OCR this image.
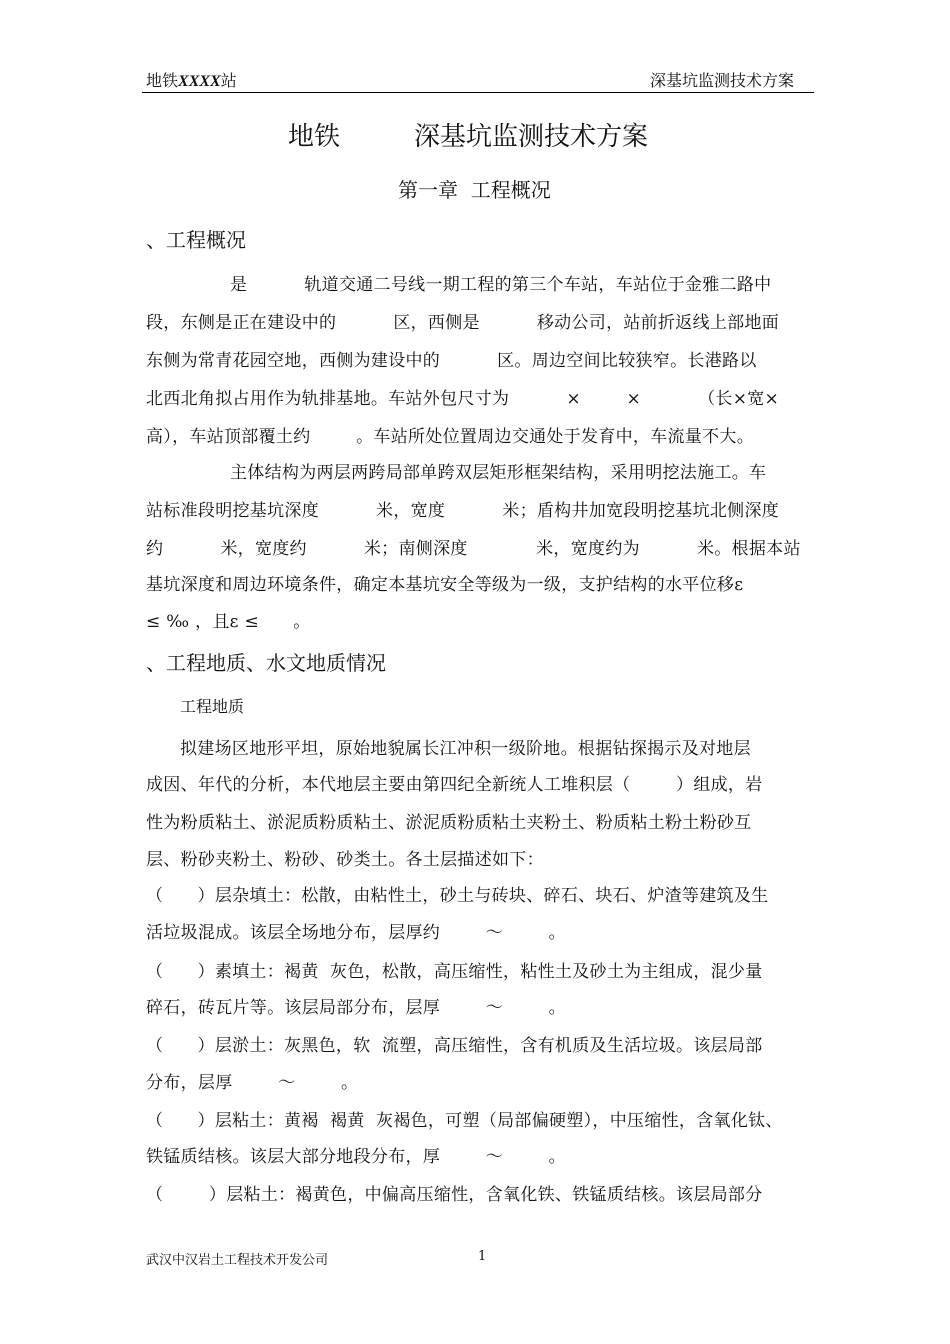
地铁XXXX站	深基坑监测技术方案
地铁	深基坑监测技术方案
第一章  工程概况
、工程概况
是          轨道交通二号线一期工程的第三个车站，车站位于金雅二路中
段，东侧是正在建设中的          区，西侧是          移动公司，站前折返线上部地面
东侧为常青花园空地，西侧为建设中的          区。周边空间比较狭窄。长港路以
北西北角拟占用作为轨排基地。车站外包尺寸为          ×        ×          （长×宽×
高），车站顶部覆土约        。车站所处位置周边交通处于发育中，车流量不大。
主体结构为两层两跨局部单跨双层矩形框架结构，采用明挖法施工。车
站标准段明挖基坑深度          米，宽度          米；盾构井加宽段明挖基坑北侧深度
约          米，宽度约          米；南侧深度            米，宽度约为          米。根据本站
基坑深度和周边环境条件，确定本基坑安全等级为一级，支护结构的水平位移ε
≤ ‰ ，且ε ≤      。
、工程地质、水文地质情况
工程地质
拟建场区地形平坦，原始地貌属长江冲积一级阶地。根据钻探揭示及对地层
成因、年代的分析，本代地层主要由第四纪全新统人工堆积层（        ）组成，岩
性为粉质粘土、淤泥质粉质粘土、淤泥质粉质粘土夹粉土、粉质粘土粉土粉砂互
层、粉砂夹粉土、粉砂、砂类土。各土层描述如下：
（      ）层杂填土：松散，由粘性土，砂土与砖块、碎石、块石、炉渣等建筑及生
活垃圾混成。该层全场地分布，层厚约        ～        。
（      ）素填土：褐黄  灰色，松散，高压缩性，粘性土及砂土为主组成，混少量
碎石，砖瓦片等。该层局部分布，层厚        ～        。
（      ）层淤土：灰黑色，软  流塑，高压缩性，含有机质及生活垃圾。该层局部
分布，层厚        ～        。
（      ）层粘土：黄褐  褐黄  灰褐色，可塑（局部偏硬塑），中压缩性，含氧化钛、
铁锰质结核。该层大部分地段分布，厚        ～        。
（        ）层粘土：褐黄色，中偏高压缩性，含氧化铁、铁锰质结核。该层局部分
武汉中汉岩土工程技术开发公司	1
